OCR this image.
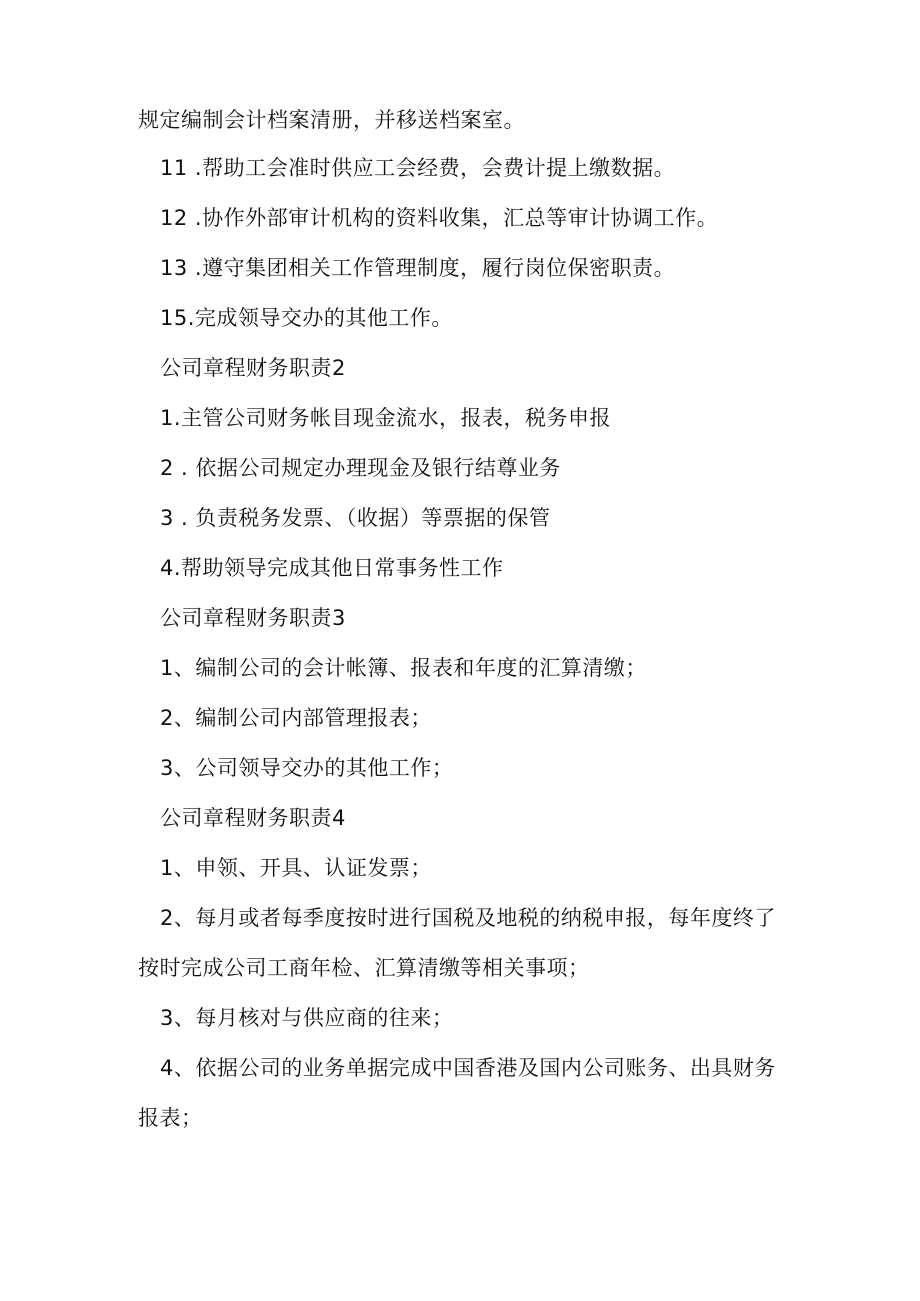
规定编制会计档案清册，并移送档案室。
11 .帮助工会准时供应工会经费，会费计提上缴数据。
12 .协作外部审计机构的资料收集，汇总等审计协调工作。
13 .遵守集团相关工作管理制度，履行岗位保密职责。
15.完成领导交办的其他工作。
公司章程财务职责2
1.主管公司财务帐目现金流水，报表，税务申报
2 . 依据公司规定办理现金及银行结尊业务
3 . 负责税务发票、（收据）等票据的保管
4.帮助领导完成其他日常事务性工作
公司章程财务职责3
1、编制公司的会计帐簿、报表和年度的汇算清缴；
2、编制公司内部管理报表；
3、公司领导交办的其他工作；
公司章程财务职责4
1、申领、开具、认证发票；
2、每月或者每季度按时进行国税及地税的纳税申报，每年度终了
按时完成公司工商年检、汇算清缴等相关事项；
3、每月核对与供应商的往来；
4、依据公司的业务单据完成中国香港及国内公司账务、出具财务
报表；
